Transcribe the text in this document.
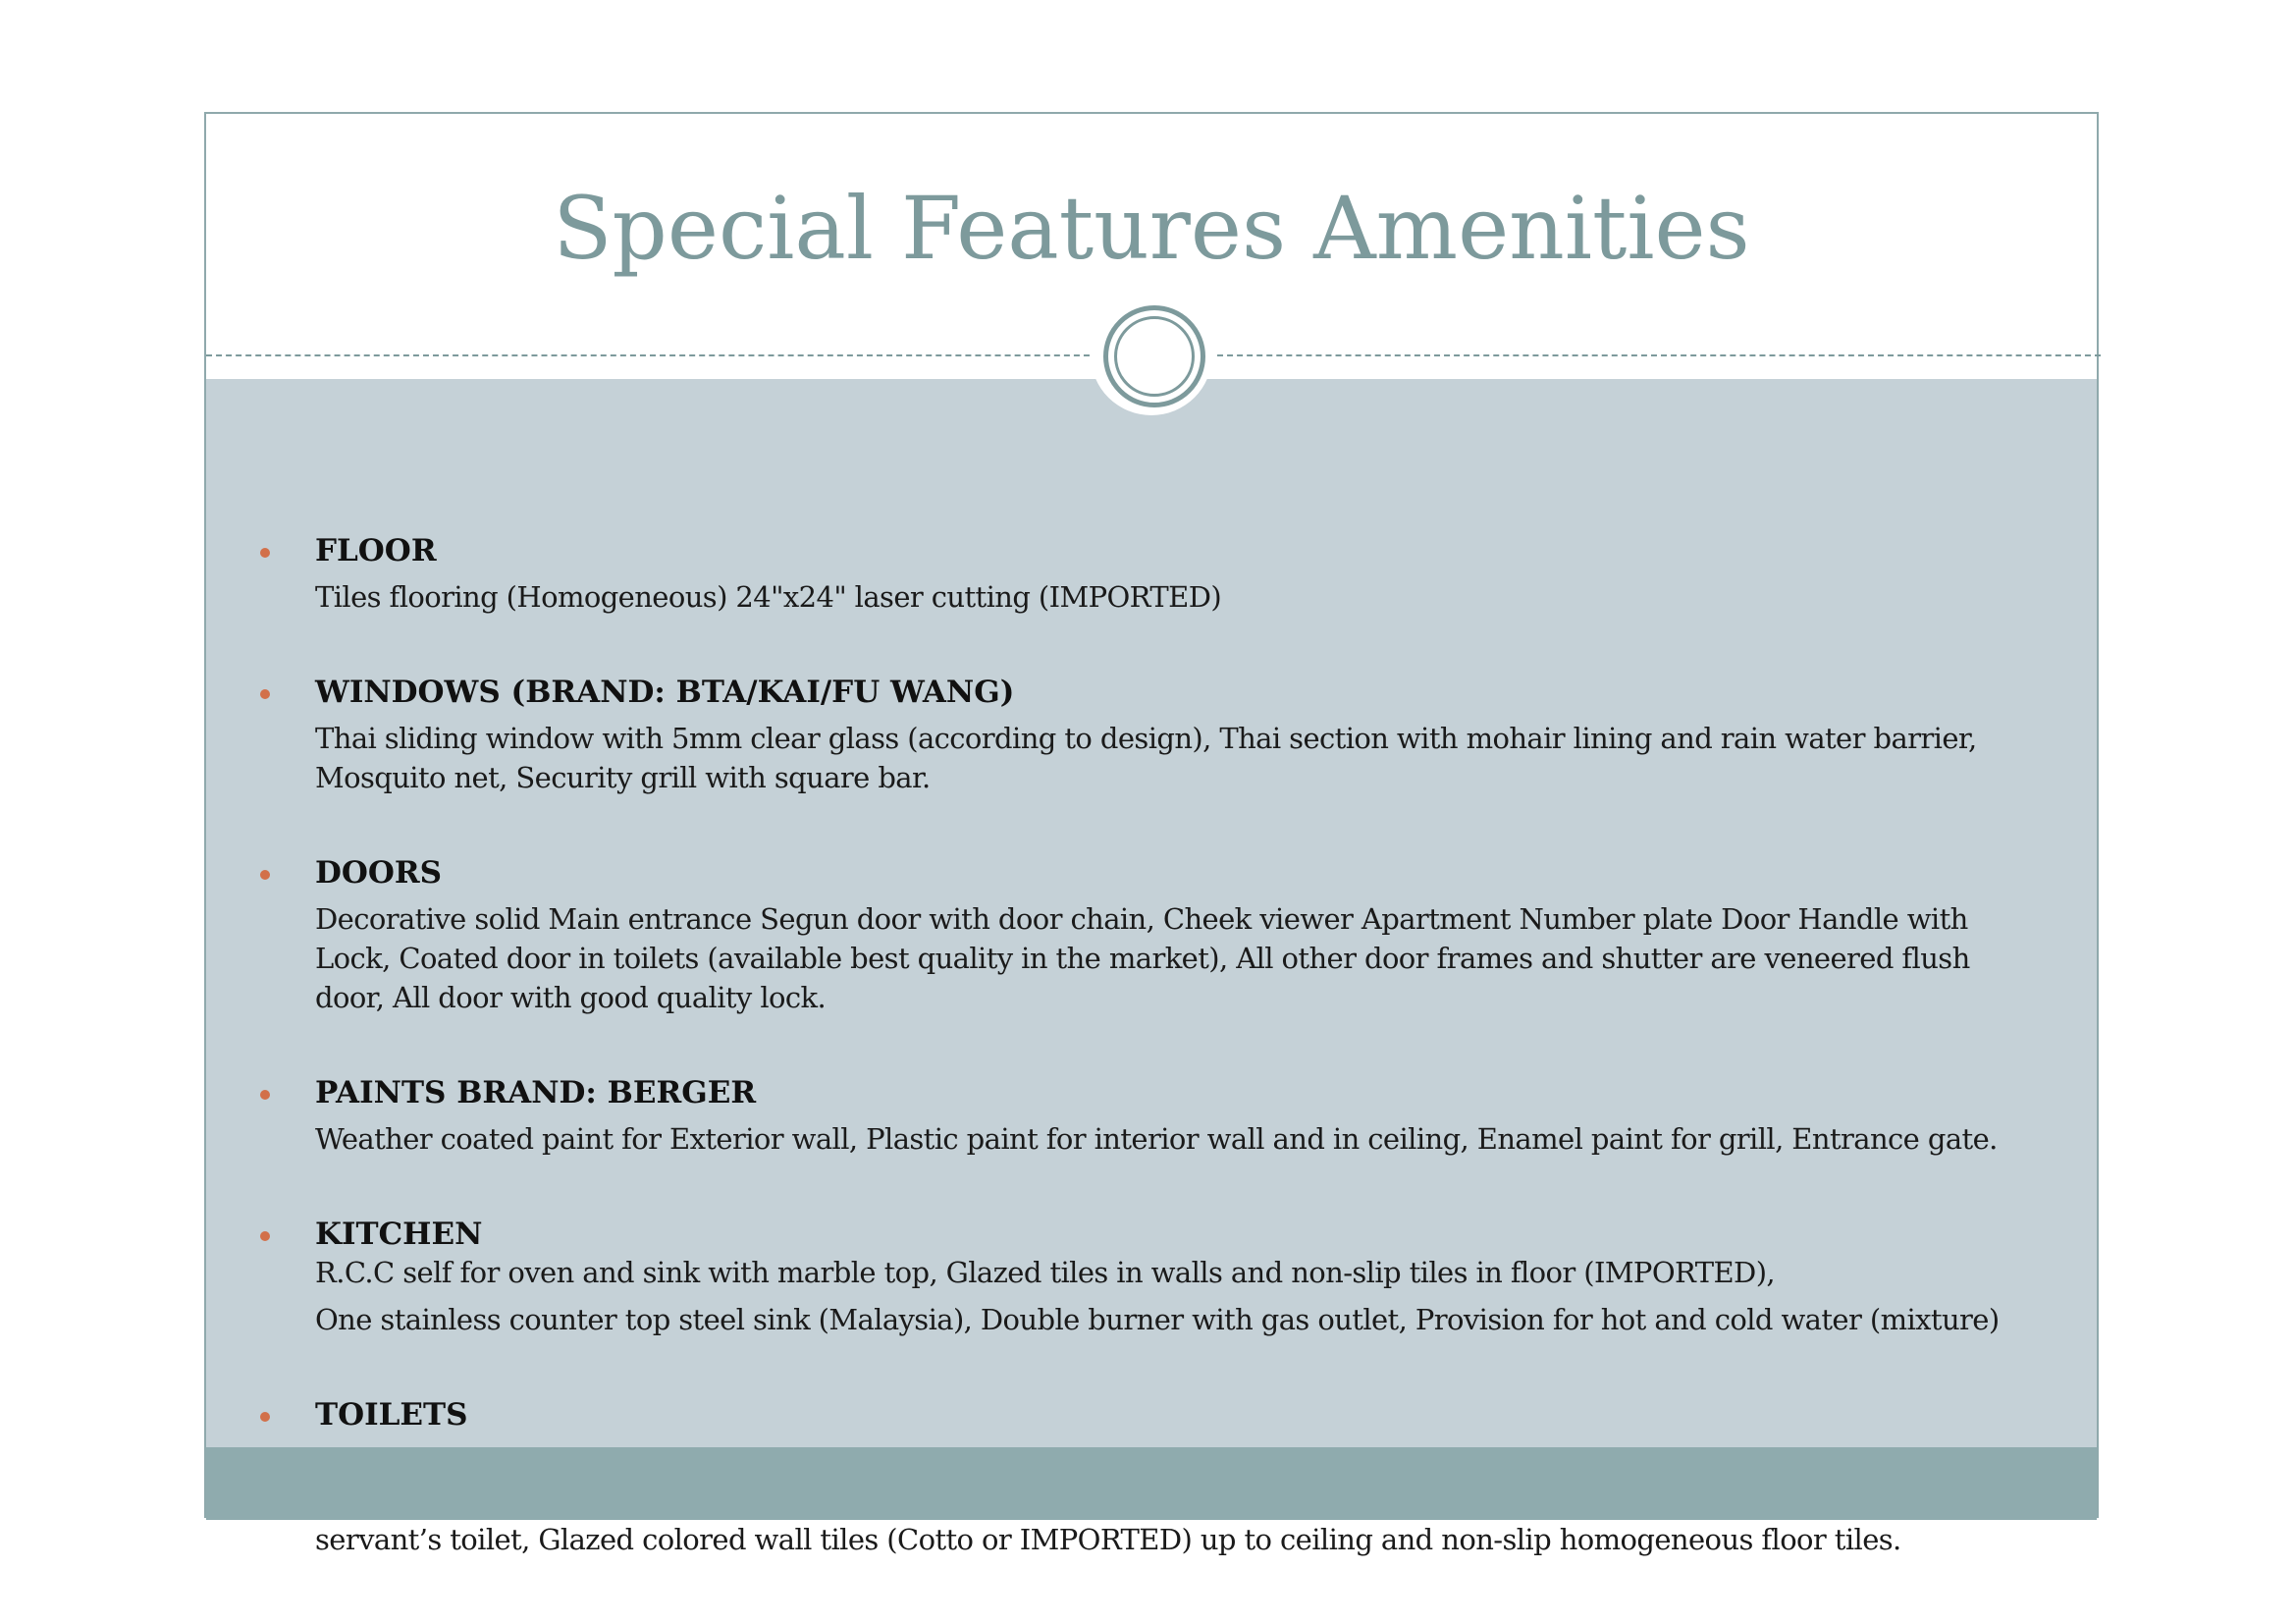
Special Features Amenities
FLOOR
Tiles flooring (Homogeneous) 24"x24" laser cutting (IMPORTED)
WINDOWS (BRAND: BTA/KAI/FU WANG)
Thai sliding window with 5mm clear glass (according to design), Thai section with mohair lining and rain water barrier,
Mosquito net, Security grill with square bar.
DOORS
Decorative solid Main entrance Segun door with door chain, Cheek viewer Apartment Number plate Door Handle with
Lock, Coated door in toilets (available best quality in the market), All other door frames and shutter are veneered flush
door, All door with good quality lock.
PAINTS BRAND: BERGER
Weather coated paint for Exterior wall, Plastic paint for interior wall and in ceiling, Enamel paint for grill, Entrance gate.
KITCHEN
R.C.C self for oven and sink with marble top, Glazed tiles in walls and non-slip tiles in floor (IMPORTED),
One stainless counter top steel sink (Malaysia), Double burner with gas outlet, Provision for hot and cold water (mixture)
TOILETS
servant’s toilet, Glazed colored wall tiles (Cotto or IMPORTED) up to ceiling and non-slip homogeneous floor tiles.
